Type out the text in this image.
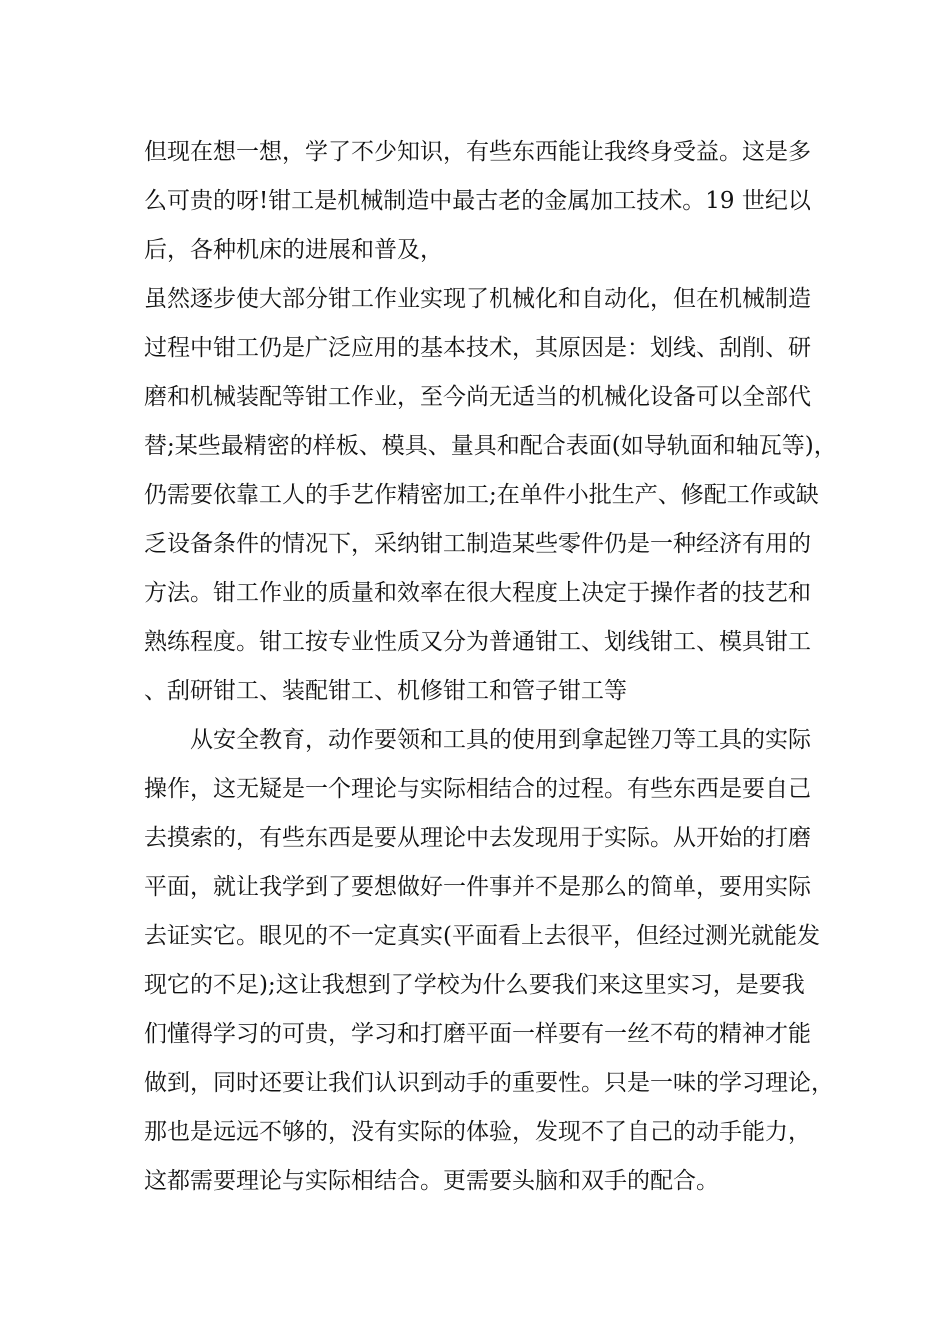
但现在想一想，学了不少知识，有些东西能让我终身受益。这是多
么可贵的呀!钳工是机械制造中最古老的金属加工技术。19 世纪以
后，各种机床的进展和普及，
虽然逐步使大部分钳工作业实现了机械化和自动化，但在机械制造
过程中钳工仍是广泛应用的基本技术，其原因是：划线、刮削、研
磨和机械装配等钳工作业，至今尚无适当的机械化设备可以全部代
替;某些最精密的样板、模具、量具和配合表面(如导轨面和轴瓦等)，
仍需要依靠工人的手艺作精密加工;在单件小批生产、修配工作或缺
乏设备条件的情况下，采纳钳工制造某些零件仍是一种经济有用的
方法。钳工作业的质量和效率在很大程度上决定于操作者的技艺和
熟练程度。钳工按专业性质又分为普通钳工、划线钳工、模具钳工
、刮研钳工、装配钳工、机修钳工和管子钳工等
从安全教育，动作要领和工具的使用到拿起锉刀等工具的实际
操作，这无疑是一个理论与实际相结合的过程。有些东西是要自己
去摸索的，有些东西是要从理论中去发现用于实际。从开始的打磨
平面，就让我学到了要想做好一件事并不是那么的简单，要用实际
去证实它。眼见的不一定真实(平面看上去很平，但经过测光就能发
现它的不足);这让我想到了学校为什么要我们来这里实习，是要我
们懂得学习的可贵，学习和打磨平面一样要有一丝不苟的精神才能
做到，同时还要让我们认识到动手的重要性。只是一味的学习理论，
那也是远远不够的，没有实际的体验，发现不了自己的动手能力，
这都需要理论与实际相结合。更需要头脑和双手的配合。
